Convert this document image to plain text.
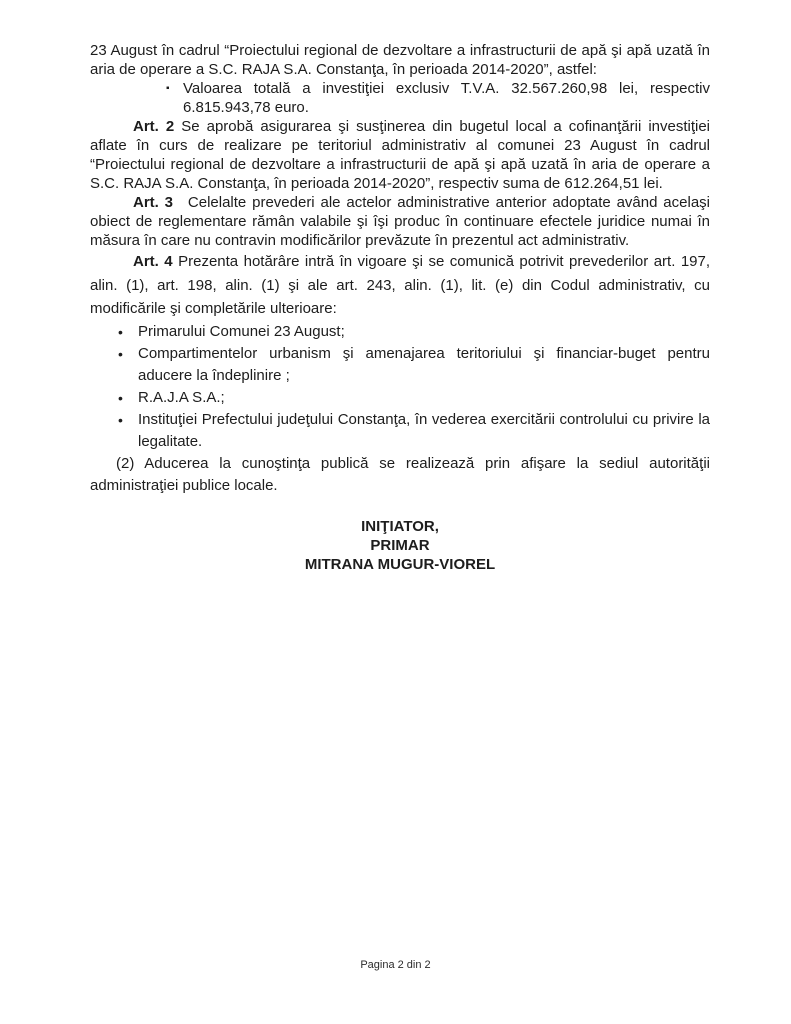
23 August în cadrul “Proiectului regional de dezvoltare a infrastructurii de apă şi apă uzată în aria de operare a S.C. RAJA S.A. Constanţa, în perioada 2014-2020”, astfel:

▪ Valoarea totală a investiţiei exclusiv T.V.A. 32.567.260,98 lei, respectiv 6.815.943,78 euro.

Art. 2 Se aprobă asigurarea şi susţinerea din bugetul local a cofinanţării investiţiei aflate în curs de realizare pe teritoriul administrativ al comunei 23 August în cadrul “Proiectului regional de dezvoltare a infrastructurii de apă şi apă uzată în aria de operare a S.C. RAJA S.A. Constanţa, în perioada 2014-2020”, respectiv suma de 612.264,51 lei.

Art. 3 Celelalte prevederi ale actelor administrative anterior adoptate având acelaşi obiect de reglementare rămân valabile şi îşi produc în continuare efectele juridice numai în măsura în care nu contravin modificărilor prevăzute în prezentul act administrativ.

Art. 4 Prezenta hotărâre intră în vigoare şi se comunică potrivit prevederilor art. 197, alin. (1), art. 198, alin. (1) şi ale art. 243, alin. (1), lit. (e) din Codul administrativ, cu modificările şi completările ulterioare:

• Primarului Comunei 23 August;
• Compartimentelor urbanism şi amenajarea teritoriului şi financiar-buget pentru aducere la îndeplinire ;
• R.A.J.A S.A.;
• Instituţiei Prefectului judeţului Constanţa, în vederea exercitării controlului cu privire la legalitate.

(2) Aducerea la cunoştinţa publică se realizează prin afişare la sediul autorităţii administraţiei publice locale.

INIŢIATOR,
PRIMAR
MITRANA MUGUR-VIOREL
Pagina 2 din 2
